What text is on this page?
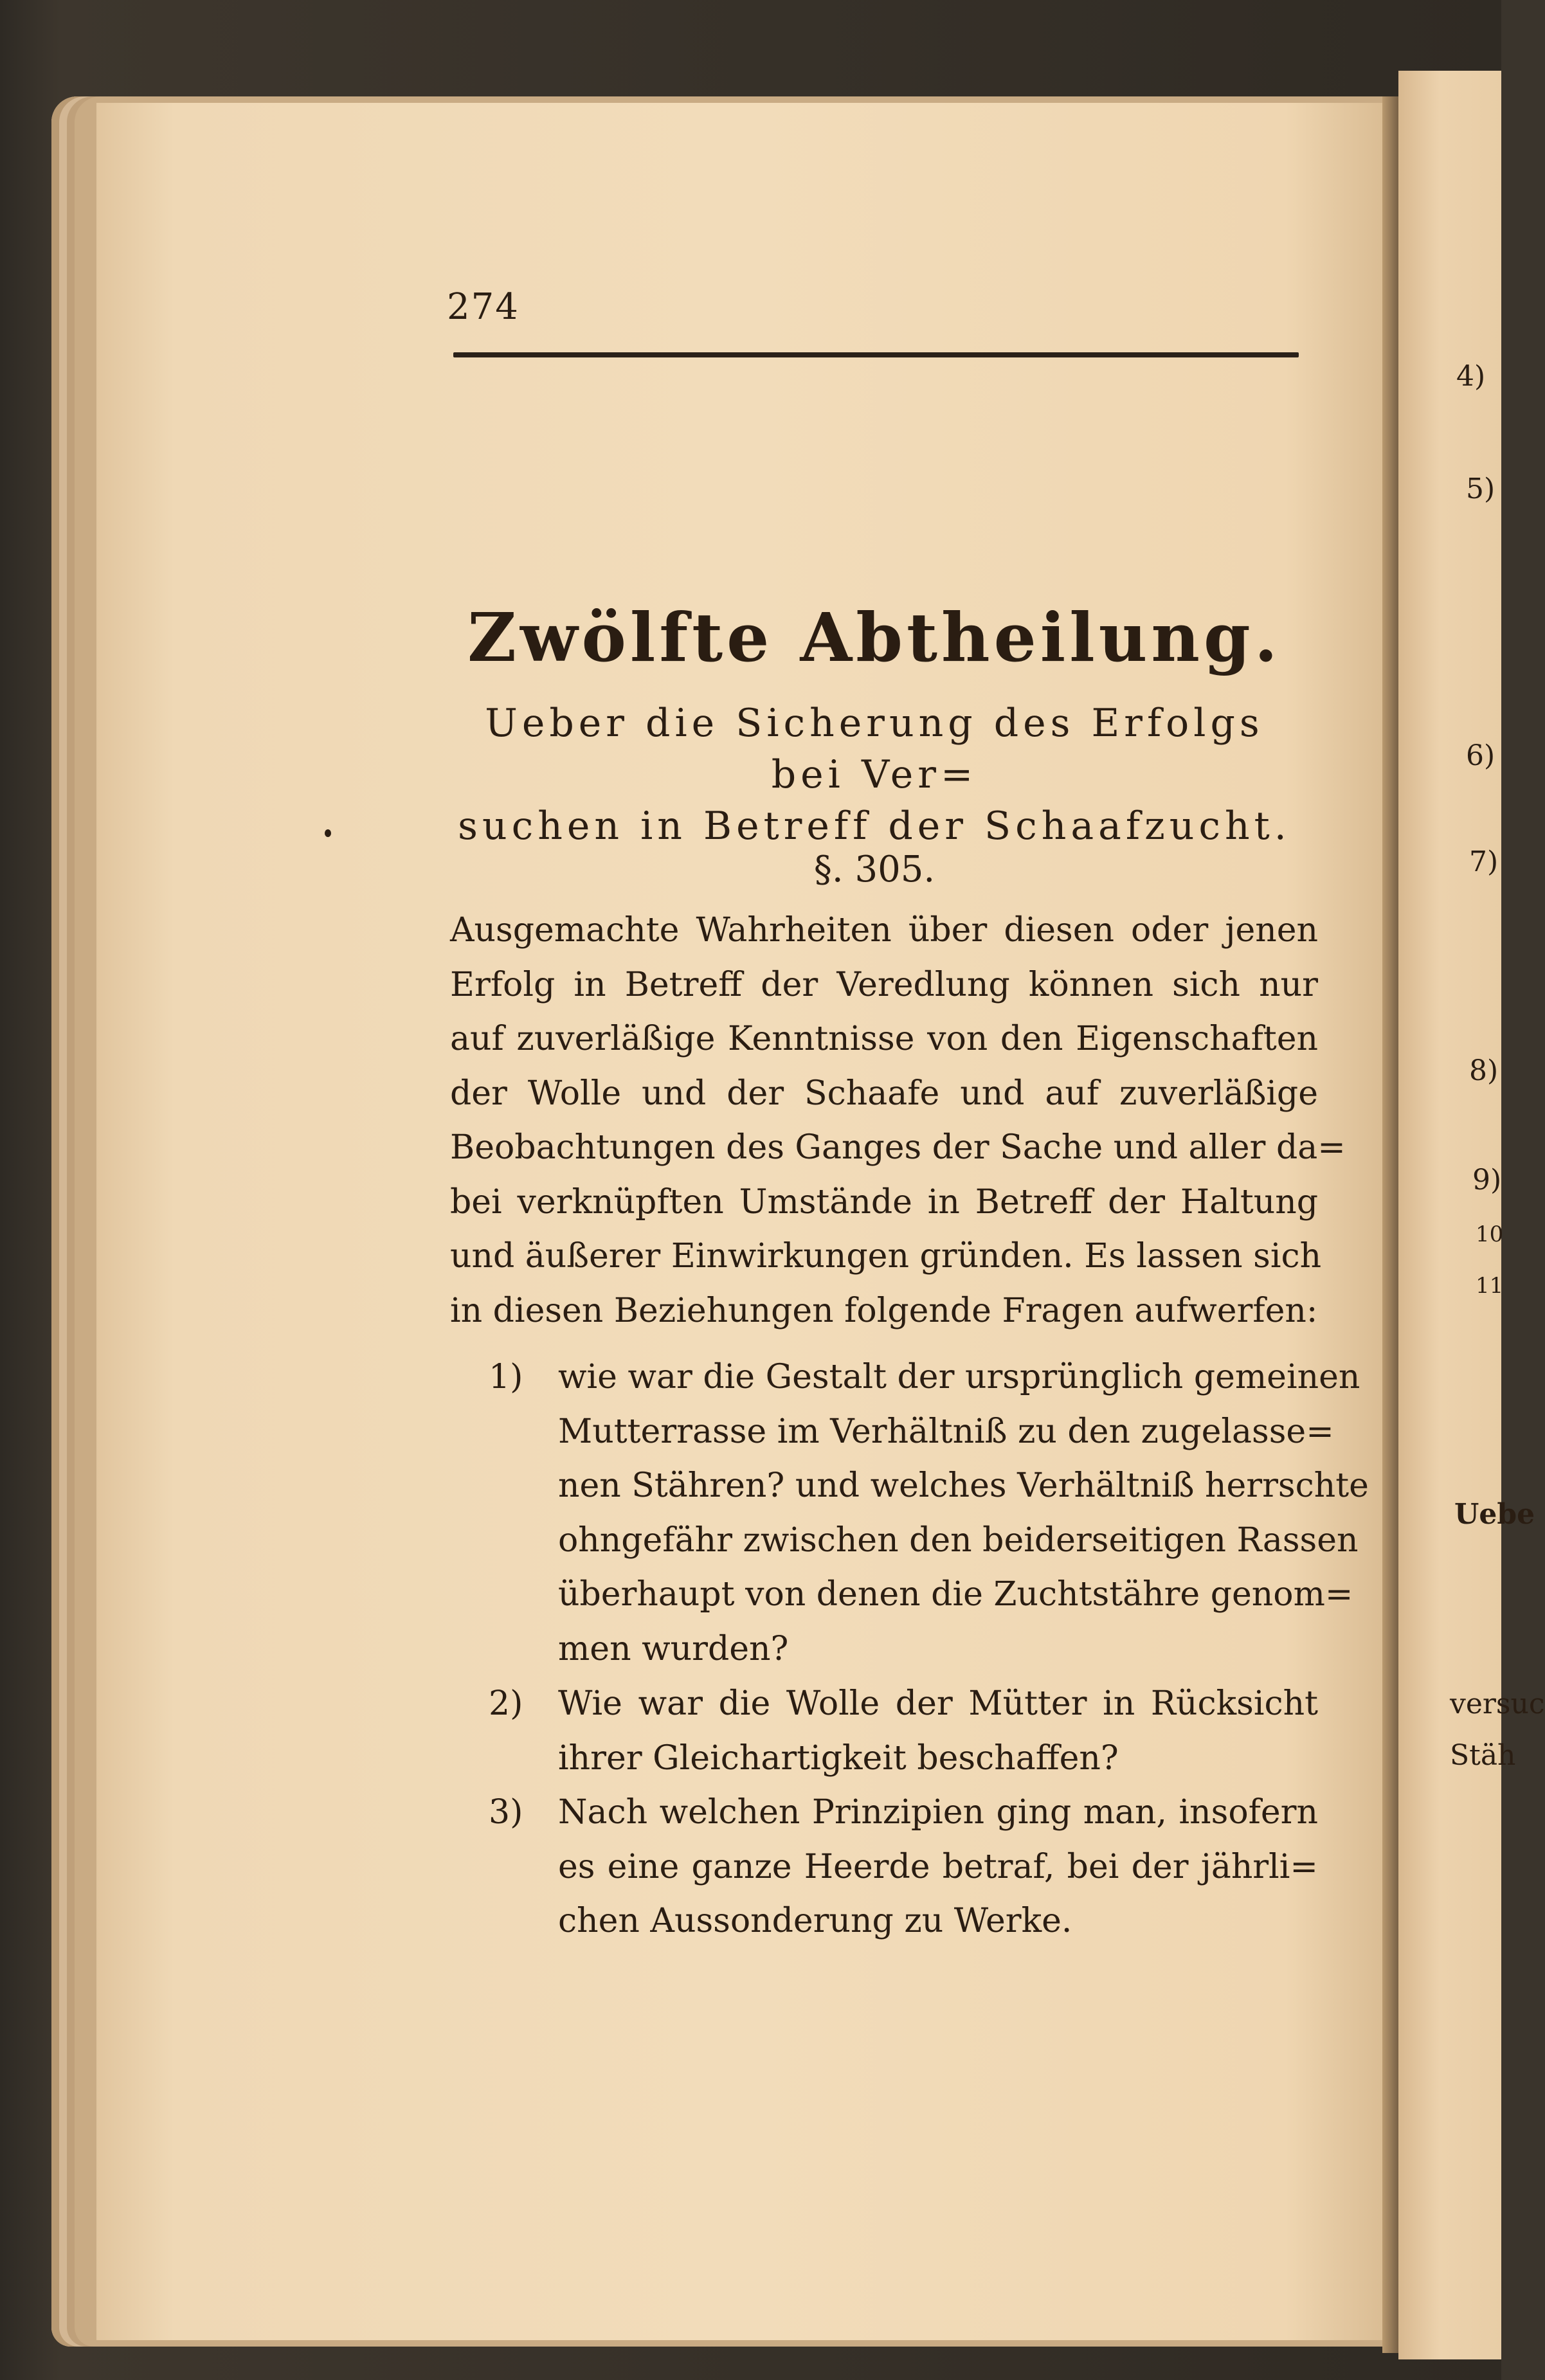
274
Zwölfte Abtheilung.
Ueber die Sicherung des Erfolgs bei Ver=
suchen in Betreff der Schaafzucht.
§. 305.
Ausgemachte Wahrheiten über diesen oder jenen
Erfolg in Betreff der Veredlung können sich nur
auf zuverläßige Kenntnisse von den Eigenschaften
der Wolle und der Schaafe und auf zuverläßige
Beobachtungen des Ganges der Sache und aller da=
bei verknüpften Umstände in Betreff der Haltung
und äußerer Einwirkungen gründen. Es lassen sich
in diesen Beziehungen folgende Fragen aufwerfen:
1) wie war die Gestalt der ursprünglich gemeinen
Mutterrasse im Verhältniß zu den zugelasse=
nen Stähren? und welches Verhältniß herrschte
ohngefähr zwischen den beiderseitigen Rassen
überhaupt von denen die Zuchtstähre genom=
men wurden?
2) Wie war die Wolle der Mütter in Rücksicht
ihrer Gleichartigkeit beschaffen?
3) Nach welchen Prinzipien ging man, insofern
es eine ganze Heerde betraf, bei der jährli=
chen Aussonderung zu Werke.
4)
5)
6)
7)
8)
9)
10
11
Uebe
versuc
Stäh
